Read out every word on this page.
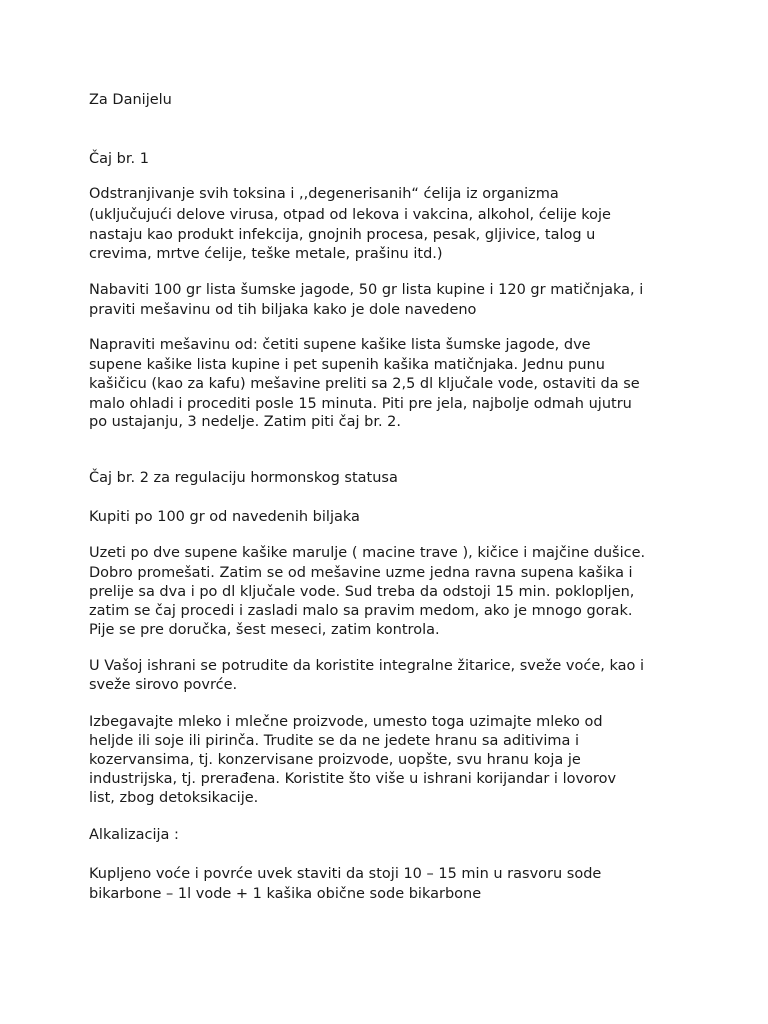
Za Danijelu

Čaj br. 1

Odstranjivanje svih toksina i ,,degenerisanih“ ćelija iz organizma

(uključujući delove virusa, otpad od lekova i vakcina, alkohol, ćelije koje

nastaju kao produkt infekcija, gnojnih procesa, pesak, gljivice, talog u

crevima, mrtve ćelije, teške metale, prašinu itd.)

Nabaviti 100 gr lista šumske jagode, 50 gr lista kupine i 120 gr matičnjaka, i

praviti mešavinu od tih biljaka kako je dole navedeno

Napraviti mešavinu od: četiti supene kašike lista šumske jagode, dve

supene kašike lista kupine i pet supenih kašika matičnjaka. Jednu punu

kašičicu (kao za kafu) mešavine preliti sa 2,5 dl ključale vode, ostaviti da se

malo ohladi i procediti posle 15 minuta. Piti pre jela, najbolje odmah ujutru

po ustajanju, 3 nedelje. Zatim piti čaj br. 2.

Čaj br. 2 za regulaciju hormonskog statusa

Kupiti po 100 gr od navedenih biljaka

Uzeti po dve supene kašike marulje ( macine trave ), kičice i majčine dušice.

Dobro promešati. Zatim se od mešavine uzme jedna ravna supena kašika i

prelije sa dva i po dl ključale vode. Sud treba da odstoji 15 min. poklopljen,

zatim se čaj procedi i zasladi malo sa pravim medom, ako je mnogo gorak.

Pije se pre doručka, šest meseci, zatim kontrola.

U Vašoj ishrani se potrudite da koristite integralne žitarice, sveže voće, kao i

sveže sirovo povrće.

Izbegavajte mleko i mlečne proizvode, umesto toga uzimajte mleko od

heljde ili soje ili pirinča. Trudite se da ne jedete hranu sa aditivima i

kozervansima, tj. konzervisane proizvode, uopšte, svu hranu koja je

industrijska, tj. prerađena. Koristite što više u ishrani korijandar i lovorov

list, zbog detoksikacije.

Alkalizacija :

Kupljeno voće i povrće uvek staviti da stoji 10 – 15 min u rasvoru sode

bikarbone – 1l vode + 1 kašika obične sode bikarbone
